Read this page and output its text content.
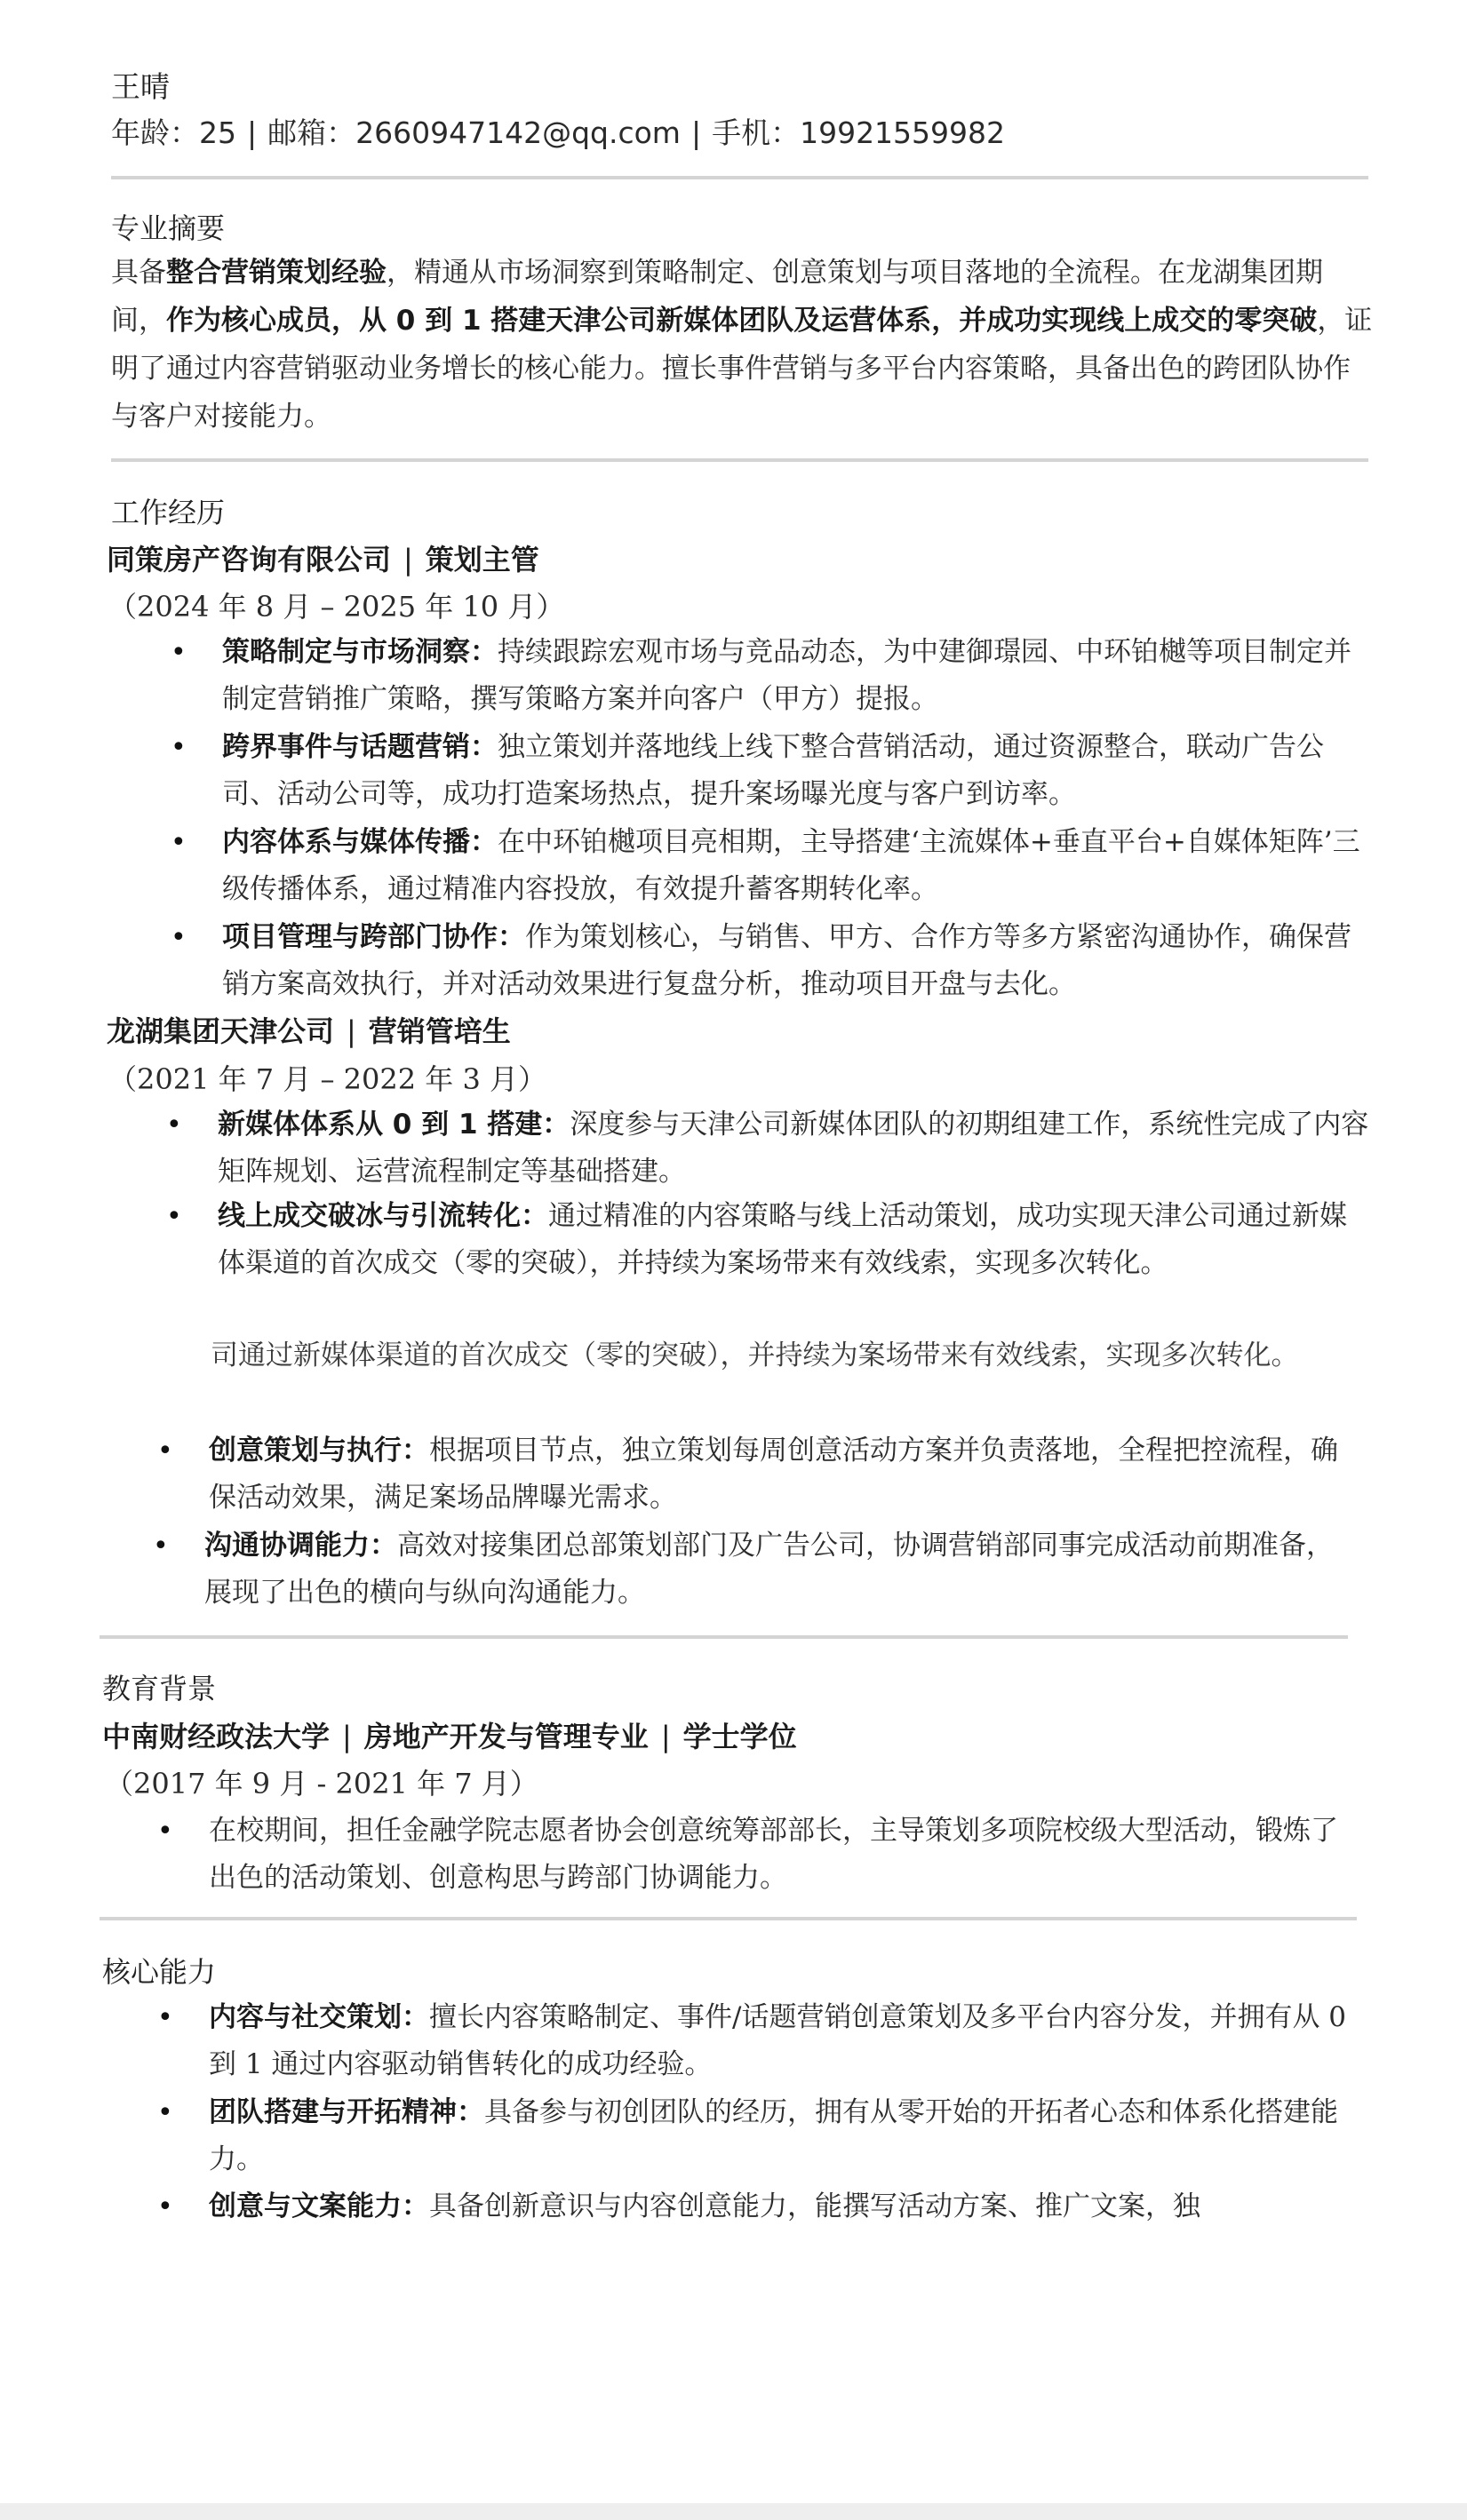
王晴
年龄：25 | 邮箱：2660947142@qq.com | 手机：19921559982
专业摘要
具备整合营销策划经验，精通从市场洞察到策略制定、创意策划与项目落地的全流程。在龙湖集团期间，作为核心成员，从 0 到 1 搭建天津公司新媒体团队及运营体系，并成功实现线上成交的零突破，证明了通过内容营销驱动业务增长的核心能力。擅长事件营销与多平台内容策略，具备出色的跨团队协作与客户对接能力。
工作经历
同策房产咨询有限公司 | 策划主管
（2024 年 8 月 – 2025 年 10 月）
• 策略制定与市场洞察：持续跟踪宏观市场与竞品动态，为中建御璟园、中环铂樾等项目制定并制定营销推广策略，撰写策略方案并向客户（甲方）提报。
• 跨界事件与话题营销：独立策划并落地线上线下整合营销活动，通过资源整合，联动广告公司、活动公司等，成功打造案场热点，提升案场曝光度与客户到访率。
• 内容体系与媒体传播：在中环铂樾项目亮相期，主导搭建‘主流媒体+垂直平台+自媒体矩阵’三级传播体系，通过精准内容投放，有效提升蓄客期转化率。
• 项目管理与跨部门协作：作为策划核心，与销售、甲方、合作方等多方紧密沟通协作，确保营销方案高效执行，并对活动效果进行复盘分析，推动项目开盘与去化。
龙湖集团天津公司 | 营销管培生
（2021 年 7 月 – 2022 年 3 月）
• 新媒体体系从 0 到 1 搭建：深度参与天津公司新媒体团队的初期组建工作，系统性完成了内容矩阵规划、运营流程制定等基础搭建。
• 线上成交破冰与引流转化：通过精准的内容策略与线上活动策划，成功实现天津公司通过新媒体渠道的首次成交（零的突破），并持续为案场带来有效线索，实现多次转化。
司通过新媒体渠道的首次成交（零的突破），并持续为案场带来有效线索，实现多次转化。
• 创意策划与执行：根据项目节点，独立策划每周创意活动方案并负责落地，全程把控流程，确保活动效果，满足案场品牌曝光需求。
• 沟通协调能力：高效对接集团总部策划部门及广告公司，协调营销部同事完成活动前期准备，展现了出色的横向与纵向沟通能力。
教育背景
中南财经政法大学 | 房地产开发与管理专业 | 学士学位
（2017 年 9 月 - 2021 年 7 月）
• 在校期间，担任金融学院志愿者协会创意统筹部部长，主导策划多项院校级大型活动，锻炼了出色的活动策划、创意构思与跨部门协调能力。
核心能力
• 内容与社交策划：擅长内容策略制定、事件/话题营销创意策划及多平台内容分发，并拥有从 0 到 1 通过内容驱动销售转化的成功经验。
• 团队搭建与开拓精神：具备参与初创团队的经历，拥有从零开始的开拓者心态和体系化搭建能力。
• 创意与文案能力：具备创新意识与内容创意能力，能撰写活动方案、推广文案，独
